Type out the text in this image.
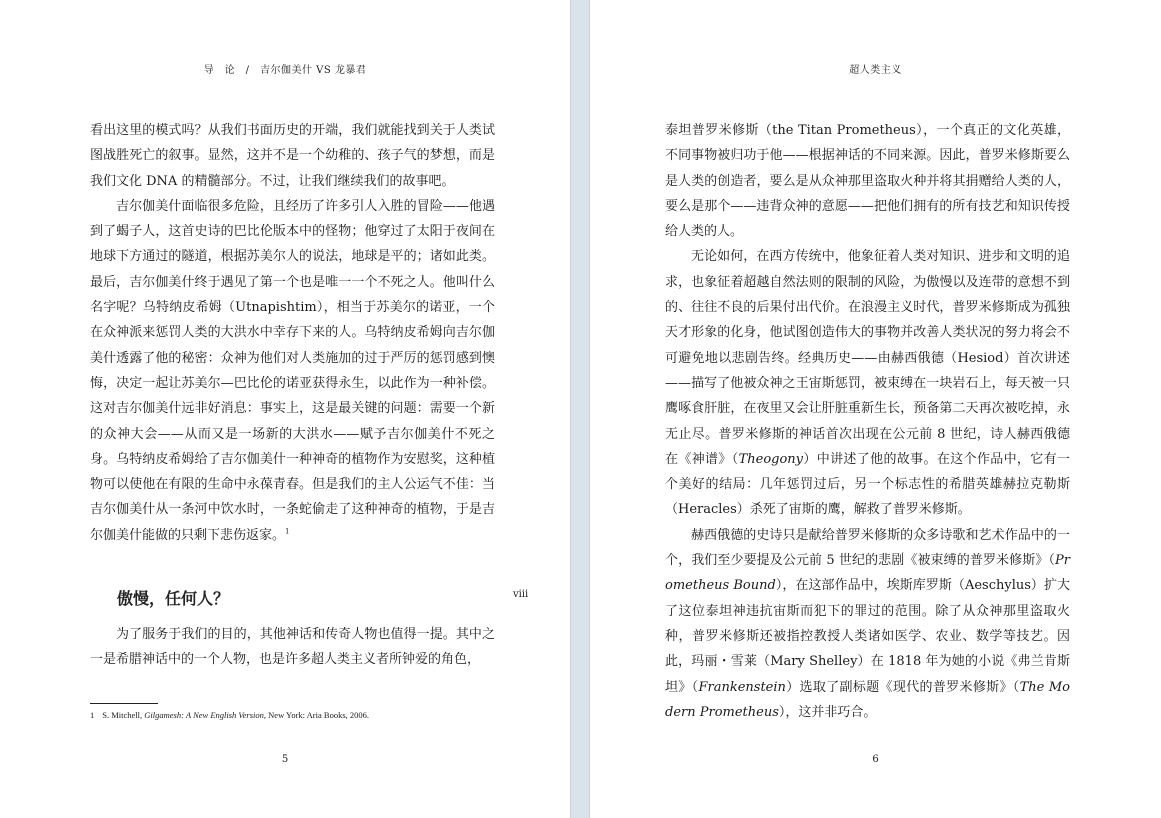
导　论　/　吉尔伽美什 VS 龙暴君

看出这里的模式吗？从我们书面历史的开端，我们就能找到关于人类试图战胜死亡的叙事。显然，这并不是一个幼稚的、孩子气的梦想，而是我们文化 DNA 的精髓部分。不过，让我们继续我们的故事吧。

吉尔伽美什面临很多危险，且经历了许多引人入胜的冒险——他遇到了蝎子人，这首史诗的巴比伦版本中的怪物；他穿过了太阳于夜间在地球下方通过的隧道，根据苏美尔人的说法，地球是平的；诸如此类。最后，吉尔伽美什终于遇见了第一个也是唯一一个不死之人。他叫什么名字呢？乌特纳皮希姆（Utnapishtim），相当于苏美尔的诺亚，一个在众神派来惩罚人类的大洪水中幸存下来的人。乌特纳皮希姆向吉尔伽美什透露了他的秘密：众神为他们对人类施加的过于严厉的惩罚感到懊悔，决定一起让苏美尔—巴比伦的诺亚获得永生，以此作为一种补偿。这对吉尔伽美什远非好消息：事实上，这是最关键的问题：需要一个新的众神大会——从而又是一场新的大洪水——赋予吉尔伽美什不死之身。乌特纳皮希姆给了吉尔伽美什一种神奇的植物作为安慰奖，这种植物可以使他在有限的生命中永葆青春。但是我们的主人公运气不佳：当吉尔伽美什从一条河中饮水时，一条蛇偷走了这种神奇的植物，于是吉尔伽美什能做的只剩下悲伤返家。$^1$

傲慢，任何人？	viii

为了服务于我们的目的，其他神话和传奇人物也值得一提。其中之一是希腊神话中的一个人物，也是许多超人类主义者所钟爱的角色，

1 S. Mitchell, Gilgamesh: A New English Version, New York: Aria Books, 2006.
5
超人类主义

泰坦普罗米修斯（the Titan Prometheus），一个真正的文化英雄，不同事物被归功于他——根据神话的不同来源。因此，普罗米修斯要么是人类的创造者，要么是从众神那里盗取火种并将其捐赠给人类的人，要么是那个——违背众神的意愿——把他们拥有的所有技艺和知识传授给人类的人。

无论如何，在西方传统中，他象征着人类对知识、进步和文明的追求，也象征着超越自然法则的限制的风险，为傲慢以及连带的意想不到的、往往不良的后果付出代价。在浪漫主义时代，普罗米修斯成为孤独天才形象的化身，他试图创造伟大的事物并改善人类状况的努力将会不可避免地以悲剧告终。经典历史——由赫西俄德（Hesiod）首次讲述——描写了他被众神之王宙斯惩罚，被束缚在一块岩石上，每天被一只鹰啄食肝脏，在夜里又会让肝脏重新生长，预备第二天再次被吃掉，永无止尽。普罗米修斯的神话首次出现在公元前 8 世纪，诗人赫西俄德在《神谱》（Theogony）中讲述了他的故事。在这个作品中，它有一个美好的结局：几年惩罚过后，另一个标志性的希腊英雄赫拉克勒斯（Heracles）杀死了宙斯的鹰，解救了普罗米修斯。

赫西俄德的史诗只是献给普罗米修斯的众多诗歌和艺术作品中的一个，我们至少要提及公元前 5 世纪的悲剧《被束缚的普罗米修斯》（Prometheus Bound），在这部作品中，埃斯库罗斯（Aeschylus）扩大了这位泰坦神违抗宙斯而犯下的罪过的范围。除了从众神那里盗取火种，普罗米修斯还被指控教授人类诸如医学、农业、数学等技艺。因此，玛丽・雪莱（Mary Shelley）在 1818 年为她的小说《弗兰肯斯坦》（Frankenstein）选取了副标题《现代的普罗米修斯》（The Modern Prometheus），这并非巧合。

6
